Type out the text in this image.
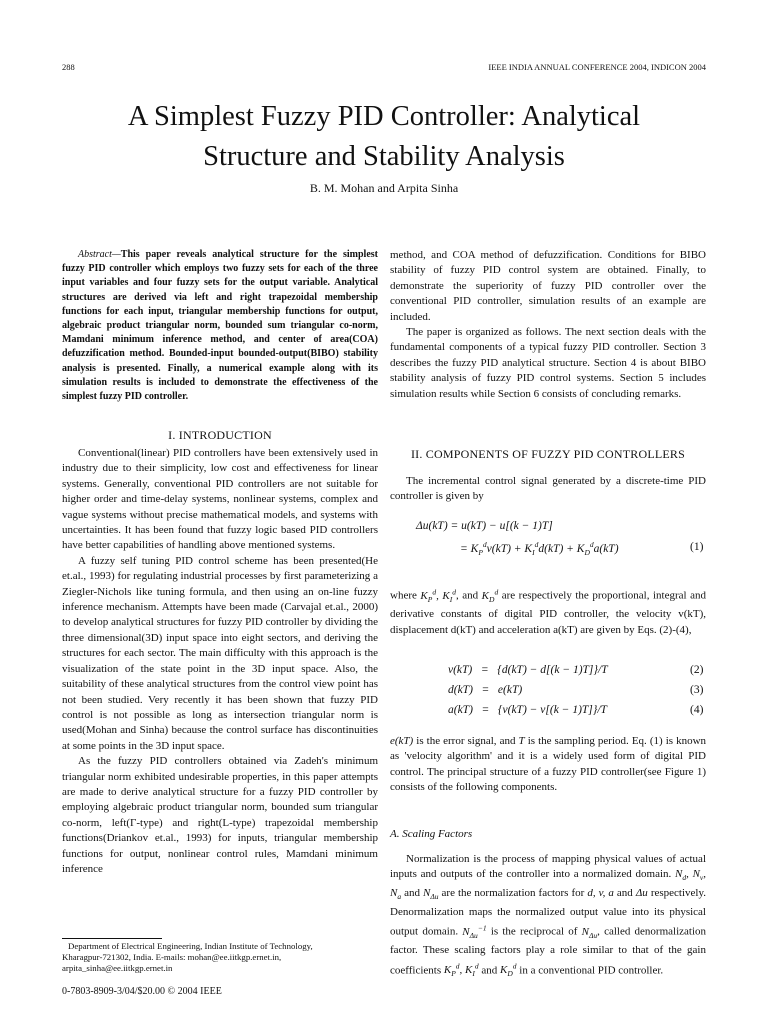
288	IEEE INDIA ANNUAL CONFERENCE 2004, INDICON 2004
A Simplest Fuzzy PID Controller: Analytical
Structure and Stability Analysis
B. M. Mohan and Arpita Sinha

Abstract—This paper reveals analytical structure for the simplest fuzzy PID controller which employs two fuzzy sets for each of the three input variables and four fuzzy sets for the output variable. Analytical structures are derived via left and right trapezoidal membership functions for each input, triangular membership functions for output, algebraic product triangular norm, bounded sum triangular co-norm, Mamdani minimum inference method, and center of area(COA) defuzzification method. Bounded-input bounded-output(BIBO) stability analysis is presented. Finally, a numerical example along with its simulation results is included to demonstrate the effectiveness of the simplest fuzzy PID controller.

I. INTRODUCTION

Conventional(linear) PID controllers have been extensively used in industry due to their simplicity, low cost and effectiveness for linear systems. Generally, conventional PID controllers are not suitable for higher order and time-delay systems, nonlinear systems, complex and vague systems without precise mathematical models, and systems with uncertainties. It has been found that fuzzy logic based PID controllers have better capabilities of handling above mentioned systems.

A fuzzy self tuning PID control scheme has been presented(He et.al., 1993) for regulating industrial processes by first parameterizing a Ziegler-Nichols like tuning formula, and then using an on-line fuzzy inference mechanism. Attempts have been made (Carvajal et.al., 2000) to develop analytical structures for fuzzy PID controller by dividing the three dimensional(3D) input space into eight sectors, and deriving the structures for each sector. The main difficulty with this approach is the visualization of the state point in the 3D input space. Also, the suitability of these analytical structures from the control view point has not been studied. Very recently it has been shown that fuzzy PID control is not possible as long as intersection triangular norm is used(Mohan and Sinha) because the control surface has discontinuities at some points in the 3D input space.

As the fuzzy PID controllers obtained via Zadeh's minimum triangular norm exhibited undesirable properties, in this paper attempts are made to derive analytical structure for a fuzzy PID controller by employing algebraic product triangular norm, bounded sum triangular co-norm, left(Γ-type) and right(L-type) trapezoidal membership functions(Driankov et.al., 1993) for inputs, triangular membership functions for output, nonlinear control rules, Mamdani minimum inference

Department of Electrical Engineering, Indian Institute of Technology,
Kharagpur-721302, India. E-mails: mohan@ee.iitkgp.ernet.in,
arpita_sinha@ee.iitkgp.ernet.in
0-7803-8909-3/04/$20.00 © 2004 IEEE

method, and COA method of defuzzification. Conditions for BIBO stability of fuzzy PID control system are obtained. Finally, to demonstrate the superiority of fuzzy PID controller over the conventional PID controller, simulation results of an example are included.

The paper is organized as follows. The next section deals with the fundamental components of a typical fuzzy PID controller. Section 3 describes the fuzzy PID analytical structure. Section 4 is about BIBO stability analysis of fuzzy PID control systems. Section 5 includes simulation results while Section 6 consists of concluding remarks.

II. COMPONENTS OF FUZZY PID CONTROLLERS

The incremental control signal generated by a discrete-time PID controller is given by

Δu(kT) = u(kT) − u[(k − 1)T]
= $K_P^dv(kT) + K_I^dd(kT) + K_D^da(kT)$	(1)

where $K_P^d$, $K_I^d$, and $K_D^d$ are respectively the proportional, integral and derivative constants of digital PID controller, the velocity v(kT), displacement d(kT) and acceleration a(kT) are given by Eqs. (2)-(4),

v(kT)   =   {d(kT) − d[(k − 1)T]}/T	(2)
d(kT)   =   e(kT)	(3)
a(kT)   =   {v(kT) − v[(k − 1)T]}/T	(4)

e(kT) is the error signal, and T is the sampling period. Eq. (1) is known as 'velocity algorithm' and it is a widely used form of digital PID control. The principal structure of a fuzzy PID controller(see Figure 1) consists of the following components.

A. Scaling Factors

Normalization is the process of mapping physical values of actual inputs and outputs of the controller into a normalized domain. $N_d$, $N_v$, $N_a$ and $N_{\Delta u}$ are the normalization factors for d, v, a and Δu respectively. Denormalization maps the normalized output value into its physical output domain. $N_{\Delta u}^{-1}$ is the reciprocal of $N_{\Delta u}$, called denormalization factor. These scaling factors play a role similar to that of the gain coefficients $K_P^d$, $K_I^d$ and $K_D^d$ in a conventional PID controller.
